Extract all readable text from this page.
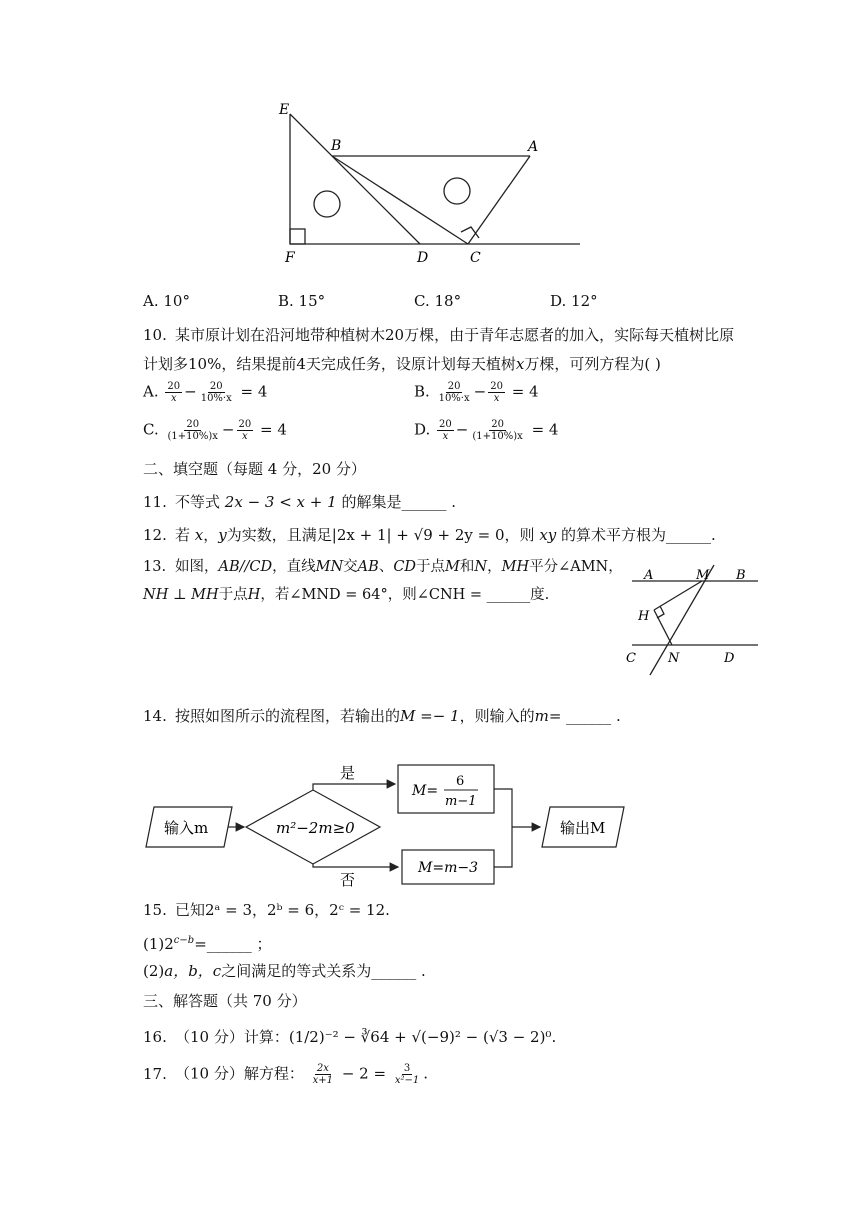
E
B	A
F	D	C
A. 10°	B. 15°	C. 18°	D. 12°
10. 某市原计划在沿河地带种植树木20万棵，由于青年志愿者的加入，实际每天植树比原
计划多10%，结果提前4天完成任务，设原计划每天植树x万棵，可列方程为( )
A. $\frac{20}{x} - \frac{20}{10\%\cdot x} = 4$	B. $\frac{20}{10\%\cdot x} - \frac{20}{x} = 4$
C. $\frac{20}{(1+10\%)x} - \frac{20}{x} = 4$	D. $\frac{20}{x} - \frac{20}{(1+10\%)x} = 4$
二、填空题（每题 4 分，20 分）
11. 不等式 2x − 3 < x + 1 的解集是______ .
12. 若 x，y为实数，且满足|2x + 1| + √9 + 2y = 0，则 xy 的算术平方根为______.
13. 如图，AB//CD，直线MN交AB、CD于点M和N，MH平分∠AMN，
NH ⊥ MH于点H，若∠MND = 64°，则∠CNH = ______度.
A	M B
H
C N	D
14. 按照如图所示的流程图，若输出的M =− 1，则输入的m= ______ .
输入m	m²−2m≥0
是
否
M=
6
m−1
M=m−3
输出M
15. 已知2ᵃ = 3，2ᵇ = 6，2ᶜ = 12.
$(1)2^{c-b}=\_\_\_\_\_\_$ ；
(2)a，b，c之间满足的等式关系为______ .
三、解答题（共 70 分）
16. （10 分）计算：(1/2)⁻² − ∛64 + √(−9)² − (√3 − 2)⁰.
17. （10 分）解方程： $\frac{2x}{x+1} - 2 = \frac{3}{\text{x²−1}}$ .
